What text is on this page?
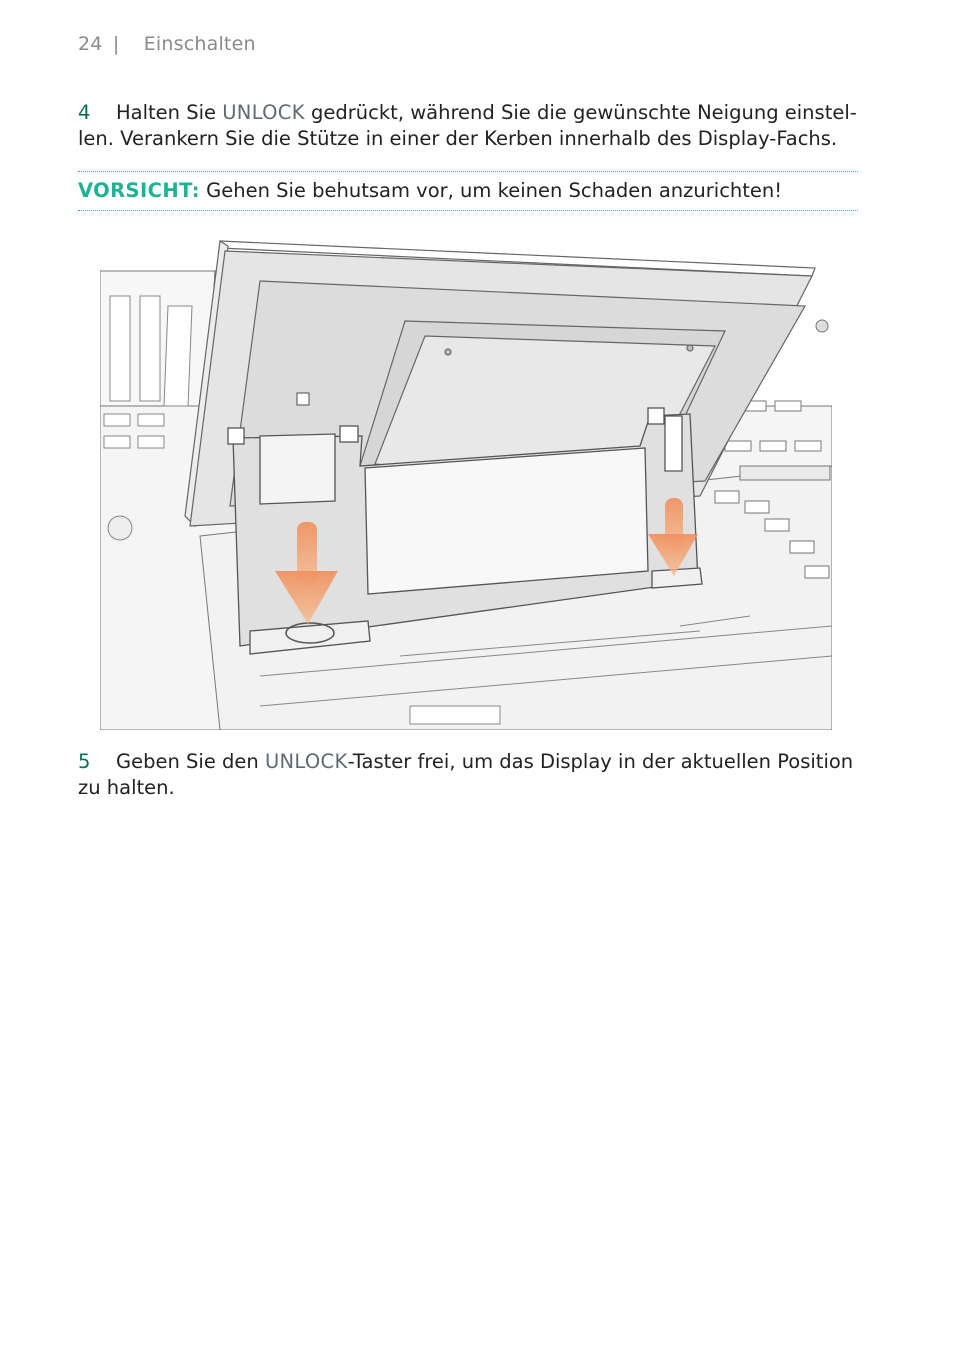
24 | Einschalten
4 Halten Sie UNLOCK gedrückt, während Sie die gewünschte Neigung einstellen. Verankern Sie die Stütze in einer der Kerben innerhalb des Display-Fachs.
VORSICHT: Gehen Sie behutsam vor, um keinen Schaden anzurichten!
5 Geben Sie den UNLOCK-Taster frei, um das Display in der aktuellen Position zu halten.
